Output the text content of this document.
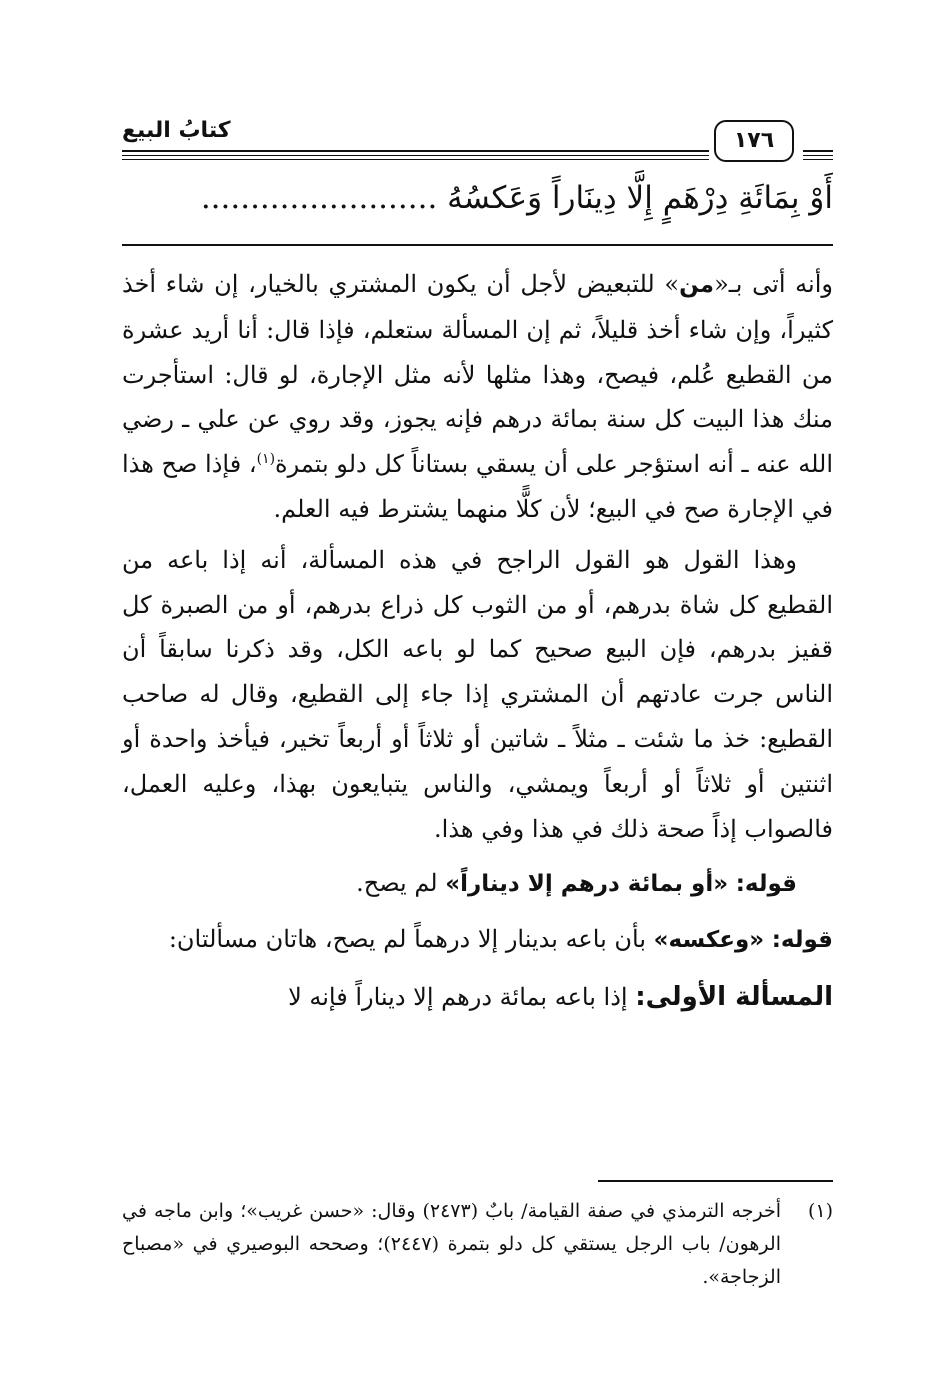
١٧٦
كتابُ البيع
أَوْ بِمَائَةِ دِرْهَمٍ إِلَّا دِينَاراً وَعَكسُهُ ........................

وأنه أتى بـ«من» للتبعيض لأجل أن يكون المشتري بالخيار، إن شاء أخذ كثيراً، وإن شاء أخذ قليلاً، ثم إن المسألة ستعلم، فإذا قال: أنا أريد عشرة من القطيع عُلم، فيصح، وهذا مثلها لأنه مثل الإجارة، لو قال: استأجرت منك هذا البيت كل سنة بمائة درهم فإنه يجوز، وقد روي عن علي ـ رضي الله عنه ـ أنه استؤجر على أن يسقي بستاناً كل دلو بتمرة$^{(١)}$، فإذا صح هذا في الإجارة صح في البيع؛ لأن كلًّا منهما يشترط فيه العلم.

وهذا القول هو القول الراجح في هذه المسألة، أنه إذا باعه من القطيع كل شاة بدرهم، أو من الثوب كل ذراع بدرهم، أو من الصبرة كل قفيز بدرهم، فإن البيع صحيح كما لو باعه الكل، وقد ذكرنا سابقاً أن الناس جرت عادتهم أن المشتري إذا جاء إلى القطيع، وقال له صاحب القطيع: خذ ما شئت ـ مثلاً ـ شاتين أو ثلاثاً أو أربعاً تخير، فيأخذ واحدة أو اثنتين أو ثلاثاً أو أربعاً ويمشي، والناس يتبايعون بهذا، وعليه العمل، فالصواب إذاً صحة ذلك في هذا وفي هذا.

قوله: «أو بمائة درهم إلا ديناراً» لم يصح.

قوله: «وعكسه» بأن باعه بدينار إلا درهماً لم يصح، هاتان مسألتان:

المسألة الأولى: إذا باعه بمائة درهم إلا ديناراً فإنه لا

(١)
أخرجه الترمذي في صفة القيامة/ بابٌ (٢٤٧٣) وقال: «حسن غريب»؛ وابن ماجه في الرهون/ باب الرجل يستقي كل دلو بتمرة (٢٤٤٧)؛ وصححه البوصيري في «مصباح الزجاجة».
